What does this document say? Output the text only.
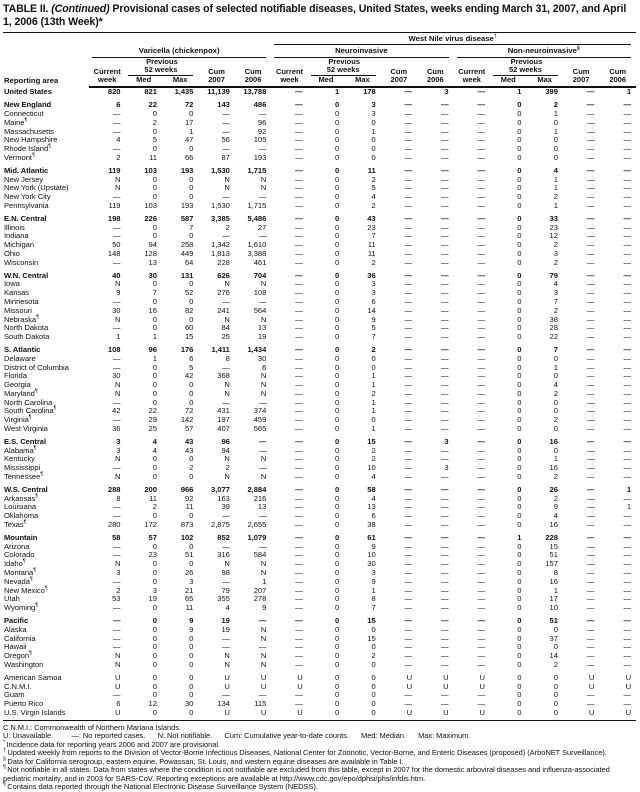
TABLE II. (Continued) Provisional cases of selected notifiable diseases, United States, weeks ending March 31, 2007, and April 1, 2006 (13th Week)*
Reporting area						West Nile virus disease†

	Varicella (chickenpox)					Neuroinvasive					Non-neuroinvasive§

		Previous					Previous					Previous			
	Current	52 weeks		Cum	Cum	Current	52 weeks		Cum	Cum	Current	52 weeks		Cum	Cum
	week	Med	Max	2007	2006	week	Med	Max	2007	2006	week	Med	Max	2007	2006
United States	820	821	1,435	11,139	13,788	—	1	178	—	3	—	1	399	—	1
New England	6	22	72	143	486	—	0	3	—	—	—	0	2	—	—
Connecticut	—	0	0	—	—	—	0	3	—	—	—	0	1	—	—
Maine¶	—	2	17	—	96	—	0	0	—	—	—	0	0	—	—
Massachusetts	—	0	1	—	92	—	0	1	—	—	—	0	1	—	—
New Hampshire	4	5	47	56	105	—	0	0	—	—	—	0	0	—	—
Rhode Island¶	—	0	0	—	—	—	0	0	—	—	—	0	0	—	—
Vermont¶	2	11	66	87	193	—	0	0	—	—	—	0	0	—	—
Mid. Atlantic	119	103	193	1,530	1,715	—	0	11	—	—	—	0	4	—	—
New Jersey	N	0	0	N	N	—	0	2	—	—	—	0	1	—	—
New York (Upstate)	N	0	0	N	N	—	0	5	—	—	—	0	1	—	—
New York City	—	0	0	—	—	—	0	4	—	—	—	0	2	—	—
Pennsylvania	119	103	193	1,530	1,715	—	0	2	—	—	—	0	1	—	—
E.N. Central	198	226	587	3,385	5,486	—	0	43	—	—	—	0	33	—	—
Illinois	—	0	7	2	27	—	0	23	—	—	—	0	23	—	—
Indiana	—	0	0	—	—	—	0	7	—	—	—	0	12	—	—
Michigan	50	94	258	1,342	1,610	—	0	11	—	—	—	0	2	—	—
Ohio	148	128	449	1,813	3,388	—	0	11	—	—	—	0	3	—	—
Wisconsin	—	13	64	228	461	—	0	2	—	—	—	0	2	—	—
W.N. Central	40	30	131	626	704	—	0	36	—	—	—	0	79	—	—
Iowa	N	0	0	N	N	—	0	3	—	—	—	0	4	—	—
Kansas	9	7	52	276	108	—	0	3	—	—	—	0	3	—	—
Minnesota	—	0	0	—	—	—	0	6	—	—	—	0	7	—	—
Missouri	30	16	82	241	564	—	0	14	—	—	—	0	2	—	—
Nebraska¶	N	0	0	N	N	—	0	9	—	—	—	0	38	—	—
North Dakota	—	0	60	84	13	—	0	5	—	—	—	0	28	—	—
South Dakota	1	1	15	25	19	—	0	7	—	—	—	0	22	—	—
S. Atlantic	108	96	176	1,411	1,434	—	0	2	—	—	—	0	7	—	—
Delaware	—	1	6	8	30	—	0	0	—	—	—	0	0	—	—
District of Columbia	—	0	5	—	6	—	0	0	—	—	—	0	1	—	—
Florida	30	0	42	368	N	—	0	1	—	—	—	0	0	—	—
Georgia	N	0	0	N	N	—	0	1	—	—	—	0	4	—	—
Maryland¶	N	0	0	N	N	—	0	2	—	—	—	0	2	—	—
North Carolina	—	0	0	—	—	—	0	1	—	—	—	0	0	—	—
South Carolina¶	42	22	72	431	374	—	0	1	—	—	—	0	0	—	—
Virginia¶	—	29	142	197	459	—	0	0	—	—	—	0	2	—	—
West Virginia	36	25	57	407	565	—	0	1	—	—	—	0	0	—	—
E.S. Central	3	4	43	96	—	—	0	15	—	3	—	0	16	—	—
Alabama¶	3	4	43	94	—	—	0	2	—	—	—	0	0	—	—
Kentucky	N	0	0	N	N	—	0	2	—	—	—	0	1	—	—
Mississippi	—	0	2	2	—	—	0	10	—	3	—	0	16	—	—
Tennessee¶	N	0	0	N	N	—	0	4	—	—	—	0	2	—	—
W.S. Central	288	200	966	3,077	2,884	—	0	58	—	—	—	0	26	—	1
Arkansas¶	8	11	92	163	216	—	0	4	—	—	—	0	2	—	—
Louisiana	—	2	11	39	13	—	0	13	—	—	—	0	9	—	1
Oklahoma	—	0	0	—	—	—	0	6	—	—	—	0	4	—	—
Texas¶	280	172	873	2,875	2,655	—	0	38	—	—	—	0	16	—	—
Mountain	58	57	102	852	1,079	—	0	61	—	—	—	1	228	—	—
Arizona	—	0	0	—	—	—	0	9	—	—	—	0	15	—	—
Colorado	—	23	51	316	584	—	0	10	—	—	—	0	51	—	—
Idaho¶	N	0	0	N	N	—	0	30	—	—	—	0	157	—	—
Montana¶	3	0	26	98	N	—	0	3	—	—	—	0	8	—	—
Nevada¶	—	0	3	—	1	—	0	9	—	—	—	0	16	—	—
New Mexico¶	2	3	21	79	207	—	0	1	—	—	—	0	1	—	—
Utah	53	19	65	355	278	—	0	8	—	—	—	0	17	—	—
Wyoming¶	—	0	11	4	9	—	0	7	—	—	—	0	10	—	—
Pacific	—	0	9	19	—	—	0	15	—	—	—	0	51	—	—
Alaska	—	0	9	19	N	—	0	0	—	—	—	0	0	—	—
California	—	0	0	—	N	—	0	15	—	—	—	0	37	—	—
Hawaii	—	0	0	—	—	—	0	0	—	—	—	0	0	—	—
Oregon¶	N	0	0	N	N	—	0	2	—	—	—	0	14	—	—
Washington	N	0	0	N	N	—	0	0	—	—	—	0	2	—	—
American Samoa	U	0	0	U	U	U	0	0	U	U	U	0	0	U	U
C.N.M.I.	U	0	0	U	U	U	0	0	U	U	U	0	0	U	U
Guam	—	0	0	—	—	—	0	0	—	—	—	0	0	—	—
Puerto Rico	6	12	30	134	115	—	0	0	—	—	—	0	0	—	—
U.S. Virgin Islands	U	0	0	U	U	U	0	0	U	U	U	0	0	U	U
C.N.M.I.: Commonwealth of Northern Mariana Islands.
U: Unavailable.         —: No reported cases.      N: Not notifiable.      Cum: Cumulative year-to-date counts.      Med: Median.      Max: Maximum.
* Incidence data for reporting years 2006 and 2007 are provisional.
† Updated weekly from reports to the Division of Vector-Borne Infectious Diseases, National Center for Zoonotic, Vector-Borne, and Enteric Diseases (proposed) (ArboNET Surveillance).
§ Data for California serogroup, eastern equine, Powassan, St. Louis, and western equine diseases are available in Table I.
¶ Not notifiable in all states. Data from states where the condition is not notifiable are excluded from this table, except in 2007 for the domestic arboviral diseases and influenza-associated pediatric mortality, and in 2003 for SARS-CoV. Reporting exceptions are available at http://www.cdc.gov/epo/dphsi/phs/infdis.htm.
¶ Contains data reported through the National Electronic Disease Surveillance System (NEDSS).
